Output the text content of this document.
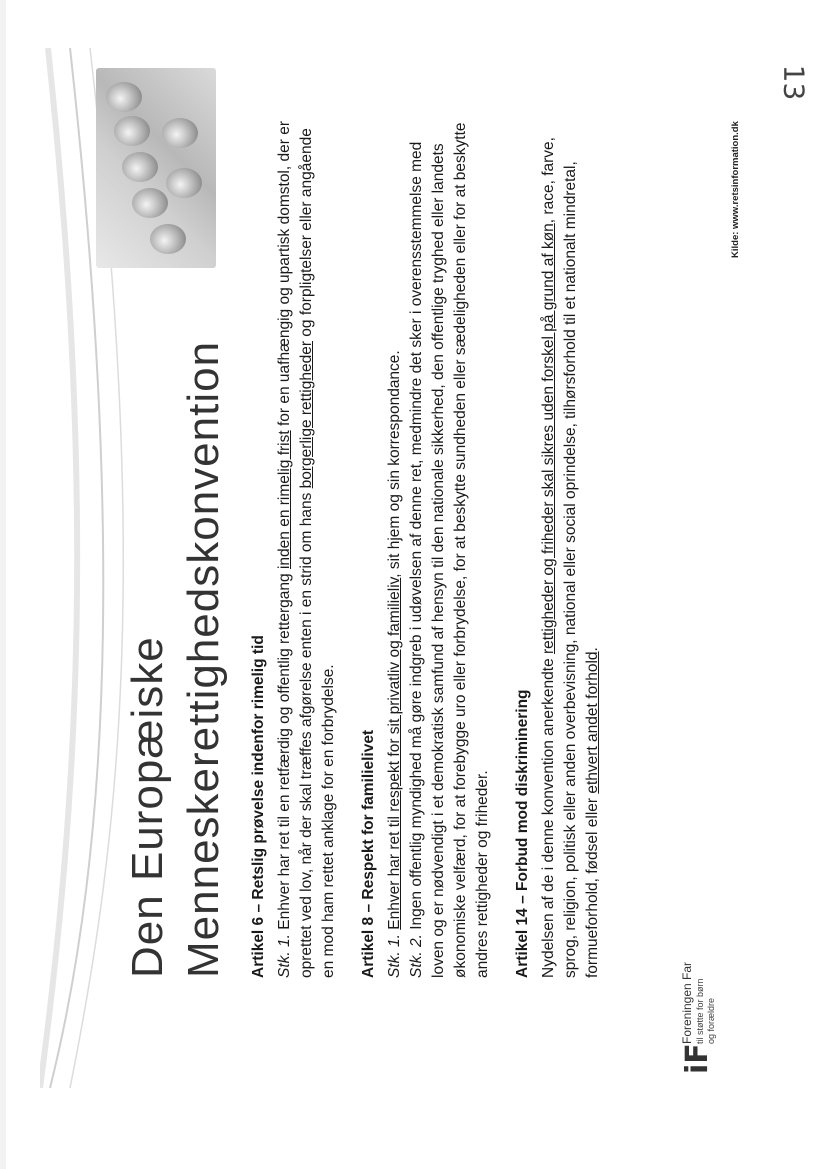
Den Europæiske Menneskerettighedskonvention Artikel 6 – Retslig prøvelse indenfor rimelig tid Stk. 1. Enhver har ret til en retfærdig og offentlig rettergang inden en rimelig frist for en uafhængig og upartisk domstol, der er oprettet ved lov, når der skal træffes afgørelse enten i en strid om hans borgerlige rettigheder og forpligtelser eller angående en mod ham rettet anklage for en forbrydelse. Artikel 8 – Respekt for familielivet Stk. 1. Enhver har ret til respekt for sit privatliv og familieliv, sit hjem og sin korrespondance.

Stk. 2. Ingen offentlig myndighed må gøre indgreb i udøvelsen af denne ret, medmindre det sker i overensstemmelse med loven og er nødvendigt i et demokratisk samfund af hensyn til den nationale sikkerhed, den offentlige tryghed eller landets økonomiske velfærd, for at forebygge uro eller forbrydelse, for at beskytte sundheden eller sædeligheden eller for at beskytte andres rettigheder og friheder. Artikel 14 – Forbud mod diskriminering Nydelsen af de i denne konvention anerkendte rettigheder og friheder skal sikres uden forskel på grund af køn, race, farve, sprog, religion, politisk eller anden overbevisning, national eller social oprindelse, tilhørsforhold til et nationalt mindretal, formueforhold, fødsel eller ethvert andet forhold.

iF
Foreningen Far til støtte for børn og forældre
Kilde: www.retsinformation.dk
13
